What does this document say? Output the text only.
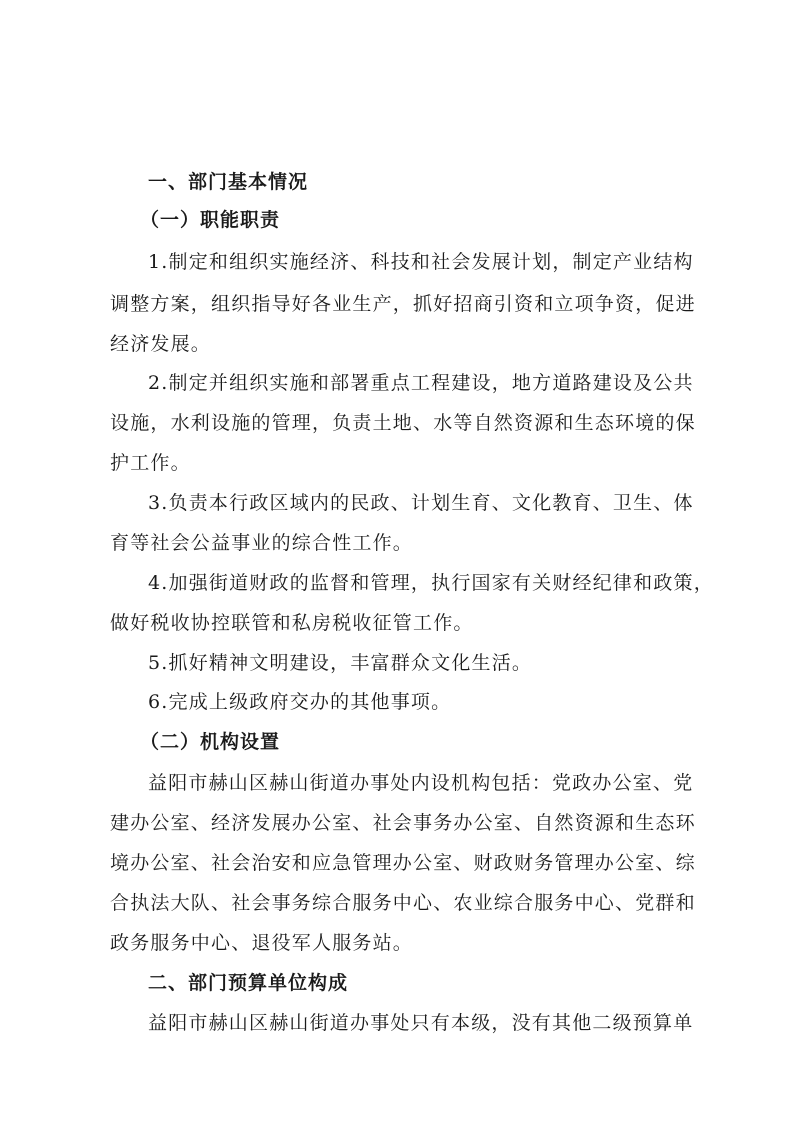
一、部门基本情况
（一）职能职责
1.制定和组织实施经济、科技和社会发展计划，制定产业结构
调整方案，组织指导好各业生产，抓好招商引资和立项争资，促进
经济发展。
2.制定并组织实施和部署重点工程建设，地方道路建设及公共
设施，水利设施的管理，负责土地、水等自然资源和生态环境的保
护工作。
3.负责本行政区域内的民政、计划生育、文化教育、卫生、体
育等社会公益事业的综合性工作。
4.加强街道财政的监督和管理，执行国家有关财经纪律和政策，
做好税收协控联管和私房税收征管工作。
5.抓好精神文明建设，丰富群众文化生活。
6.完成上级政府交办的其他事项。
（二）机构设置
益阳市赫山区赫山街道办事处内设机构包括：党政办公室、党
建办公室、经济发展办公室、社会事务办公室、自然资源和生态环
境办公室、社会治安和应急管理办公室、财政财务管理办公室、综
合执法大队、社会事务综合服务中心、农业综合服务中心、党群和
政务服务中心、退役军人服务站。
二、部门预算单位构成
益阳市赫山区赫山街道办事处只有本级，没有其他二级预算单
